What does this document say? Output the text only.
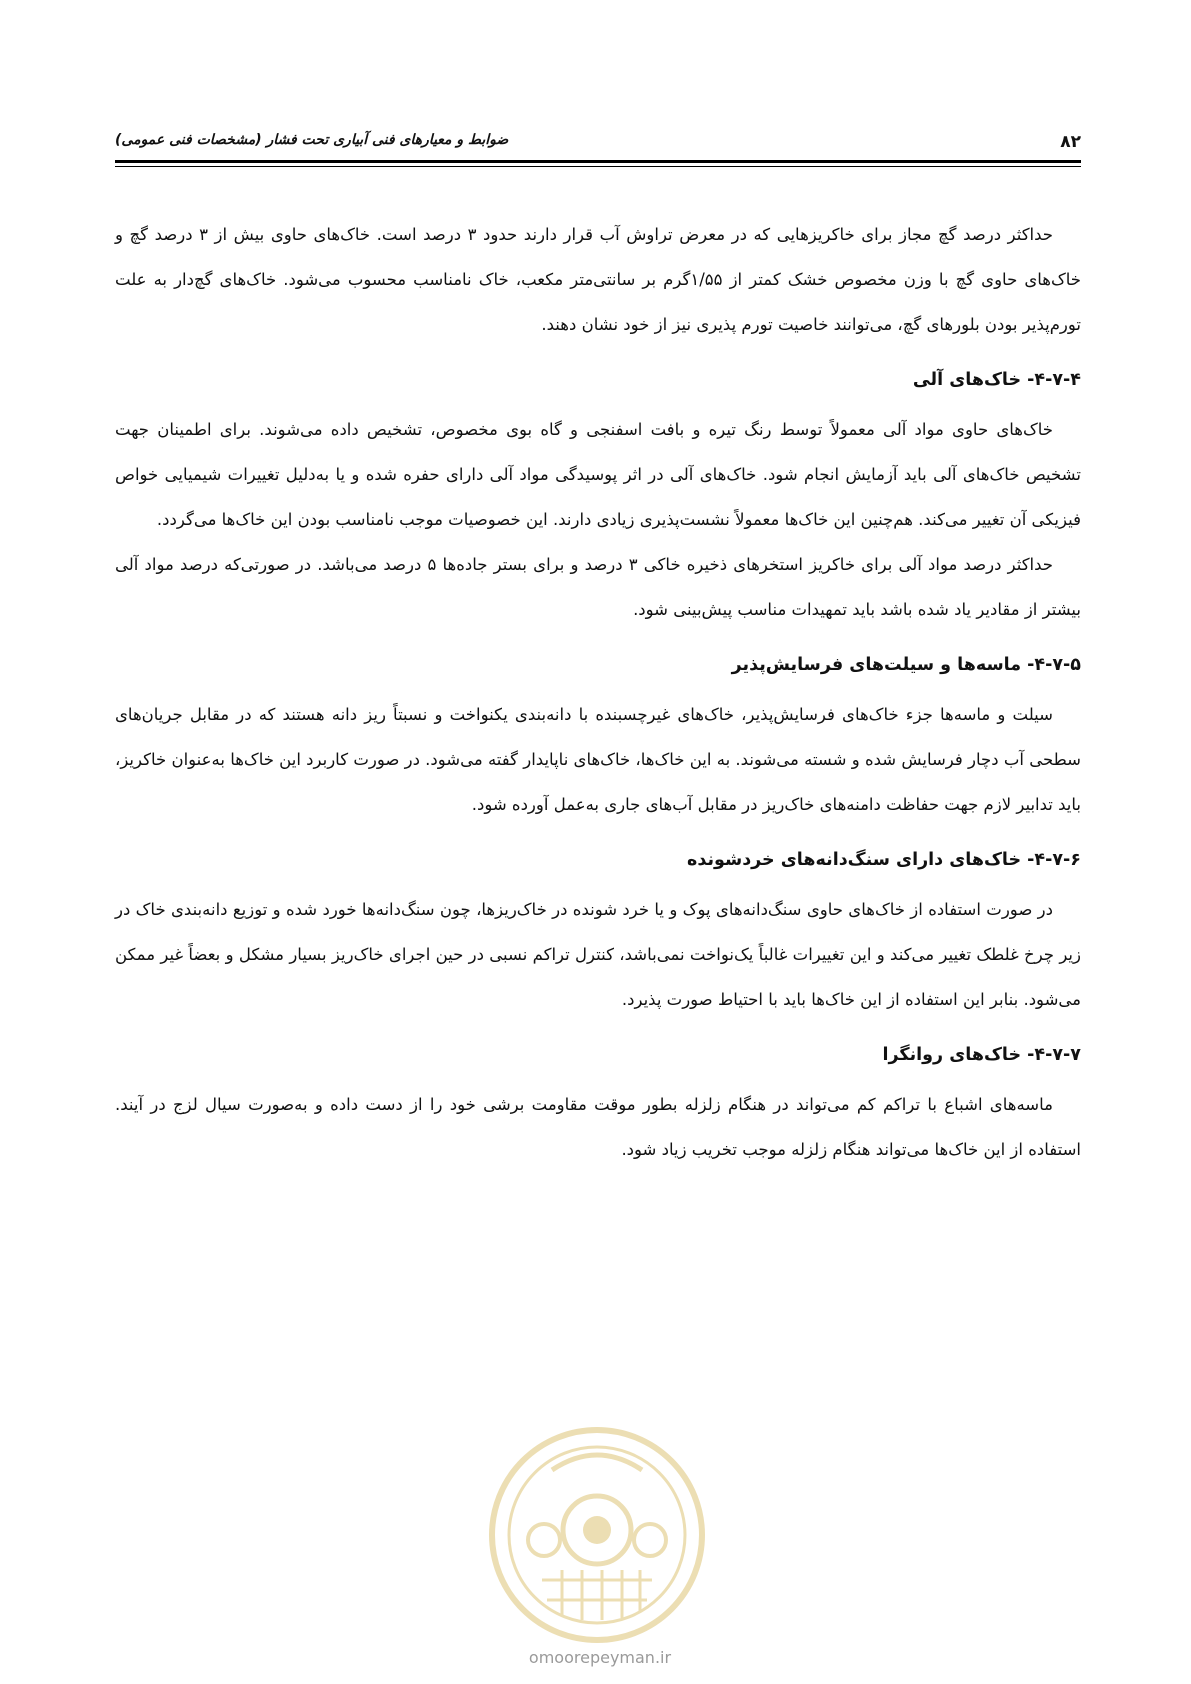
۸۲
ضوابط و معیارهای فنی آبیاری تحت فشار (مشخصات فنی عمومی)

حداکثر درصد گچ مجاز برای خاکریزهایی که در معرض تراوش آب قرار دارند حدود ۳ درصد است. خاک‌های حاوی بیش از ۳ درصد گچ و خاک‌های حاوی گچ با وزن مخصوص خشک کمتر از ۱/۵۵گرم بر سانتی‌متر مکعب، خاک نامناسب محسوب می‌شود. خاک‌های گچ‌دار به علت تورم‌پذیر بودن بلورهای گچ، می‌توانند خاصیت تورم پذیری نیز از خود نشان دهند.

۴-۷-۴- خاک‌های آلی

خاک‌های حاوی مواد آلی معمولاً توسط رنگ تیره و بافت اسفنجی و گاه بوی مخصوص، تشخیص داده می‌شوند. برای اطمینان جهت تشخیص خاک‌های آلی باید آزمایش انجام شود. خاک‌های آلی در اثر پوسیدگی مواد آلی دارای حفره شده و یا به‌دلیل تغییرات شیمیایی خواص فیزیکی آن تغییر می‌کند. هم‌چنین این خاک‌ها معمولاً نشست‌پذیری زیادی دارند. این خصوصیات موجب نامناسب بودن این خاک‌ها می‌گردد.

حداکثر درصد مواد آلی برای خاکریز استخرهای ذخیره خاکی ۳ درصد و برای بستر جاده‌ها ۵ درصد می‌باشد. در صورتی‌که درصد مواد آلی بیشتر از مقادیر یاد شده باشد باید تمهیدات مناسب پیش‌بینی شود.

۴-۷-۵- ماسه‌ها و سیلت‌های فرسایش‌پذیر

سیلت و ماسه‌ها جزء خاک‌های فرسایش‌پذیر، خاک‌های غیرچسبنده با دانه‌بندی یکنواخت و نسبتاً ریز دانه هستند که در مقابل جریان‌های سطحی آب دچار فرسایش شده و شسته می‌شوند. به این خاک‌ها، خاک‌های ناپایدار گفته می‌شود. در صورت کاربرد این خاک‌ها به‌عنوان خاکریز، باید تدابیر لازم جهت حفاظت دامنه‌های خاک‌ریز در مقابل آب‌های جاری به‌عمل آورده شود.

۴-۷-۶- خاک‌های دارای سنگ‌دانه‌های خردشونده

در صورت استفاده از خاک‌های حاوی سنگ‌دانه‌های پوک و یا خرد شونده در خاک‌ریزها، چون سنگ‌دانه‌ها خورد شده و توزیع دانه‌بندی خاک در زیر چرخ غلطک تغییر می‌کند و این تغییرات غالباً یک‌نواخت نمی‌باشد، کنترل تراکم نسبی در حین اجرای خاک‌ریز بسیار مشکل و بعضاً غیر ممکن می‌شود. بنابر این استفاده از این خاک‌ها باید با احتیاط صورت پذیرد.

۴-۷-۷- خاک‌های روانگرا

ماسه‌های اشباع با تراکم کم می‌تواند در هنگام زلزله بطور موقت مقاومت برشی خود را از دست داده و به‌صورت سیال لزج در آیند. استفاده از این خاک‌ها می‌تواند هنگام زلزله موجب تخریب زیاد شود.

omoorepeyman.ir
